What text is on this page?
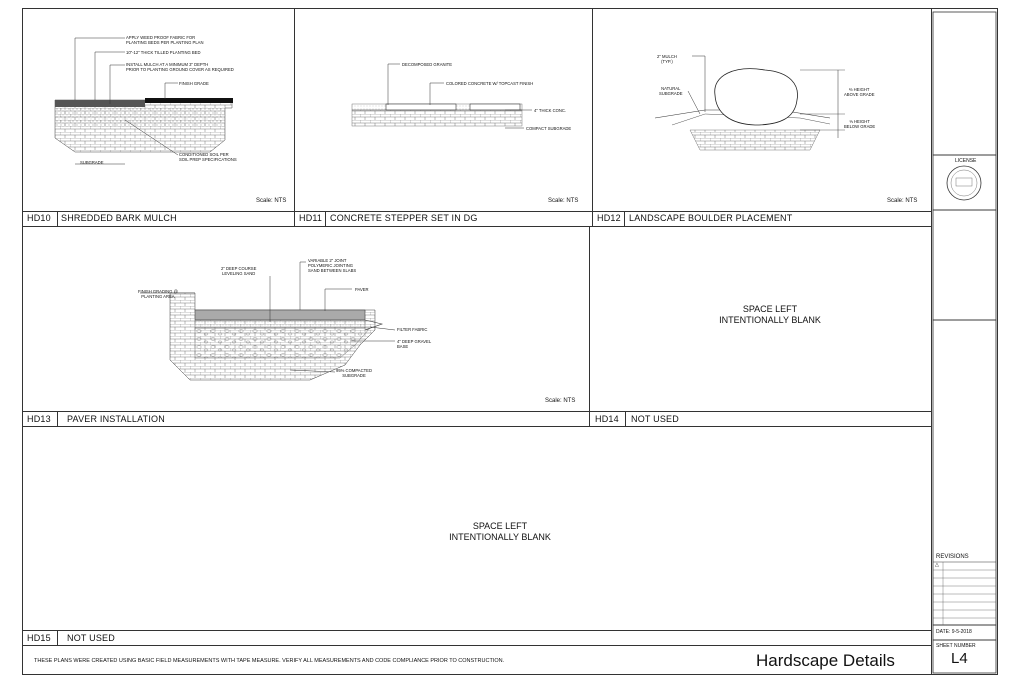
HD10 SHREDDED BARK MULCH	HD11 CONCRETE STEPPER SET IN DG	HD12 LANDSCAPE BOULDER PLACEMENT
HD13 PAVER INSTALLATION	HD14 NOT USED
HD15 NOT USED
Scale: NTS	Scale: NTS	Scale: NTS
Scale: NTS
SPACE LEFT
INTENTIONALLY BLANK
SPACE LEFT
INTENTIONALLY BLANK
APPLY WEED PROOF FABRIC FOR
PLANTING BEDS PER PLANTING PLAN
10"-12" THICK TILLED PLANTING BED
INSTALL MULCH AT A MINIMUM 3" DEPTH
PRIOR TO PLANTING GROUND COVER AS REQUIRED
FINISH GRADE
CONDITIONED SOIL PER
SOIL PREP SPECIFICATIONS
SUBGRADE
DECOMPOSED GRANITE
COLORED CONCRETE W/ TOPCAST FINISH
4" THICK CONC.
COMPACT SUBGRADE
2" MULCH
(TYP.)
NATURAL
SUBGRADE
⅔ HEIGHT
ABOVE GRADE
⅓ HEIGHT
BELOW GRADE
2" DEEP COURSE
LEVELING SAND
VARIABLE 2" JOINT
POLYMERIC JOINTING
SAND BETWEEN SLABS
PAVER
FINISH GRADING @
PLANTING AREA
FILTER FABRIC
4" DEEP GRAVEL
BASE
95% COMPACTED
SUBGRADE
THESE PLANS WERE CREATED USING BASIC FIELD MEASUREMENTS WITH TAPE MEASURE. VERIFY ALL MEASUREMENTS AND CODE COMPLIANCE PRIOR TO CONSTRUCTION.	Hardscape Details
LICENSE
REVISIONS
△
DATE: 9-5-2018
SHEET NUMBER
L4
